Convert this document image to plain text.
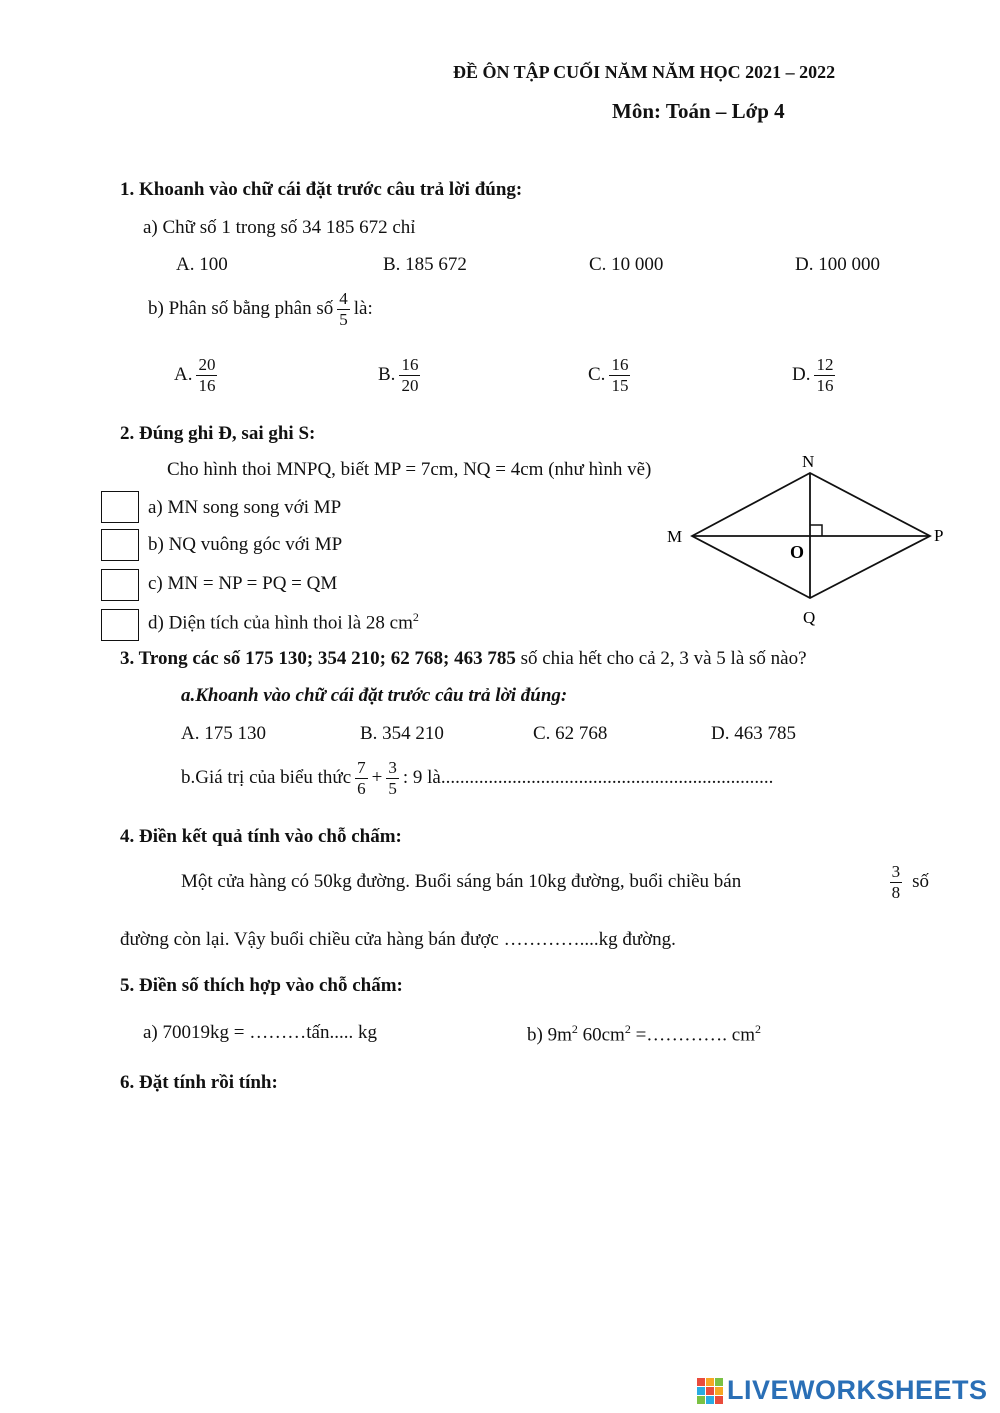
ĐỀ ÔN TẬP CUỐI NĂM NĂM HỌC 2021 – 2022
Môn: Toán – Lớp 4
1. Khoanh vào chữ cái đặt trước câu trả lời đúng:
a) Chữ số 1 trong số 34 185 672 chỉ
A. 100	B. 185 672	C. 10 000	D. 100 000
b) Phân số bằng phân số $\frac{4}{5}$ là:
A. $\frac{20}{16}$	B. $\frac{16}{20}$	C. $\frac{16}{15}$	D. $\frac{12}{16}$
2. Đúng ghi Đ, sai ghi S:
Cho hình thoi MNPQ, biết MP = 7cm, NQ = 4cm (như hình vẽ)
a) MN song song với MP
b) NQ vuông góc với MP
c) MN = NP = PQ = QM
d) Diện tích của hình thoi là 28 $cm^2$
N
M	P
Q
O
3. Trong các số 175 130; 354 210; 62 768; 463 785 số chia hết cho cả 2, 3 và 5 là số nào?
a.Khoanh vào chữ cái đặt trước câu trả lời đúng:
A. 175 130	B. 354 210	C. 62 768	D. 463 785
b.Giá trị của biểu thức $\frac{7}{6} + \frac{3}{5}$ : 9 là......................................................................
4. Điền kết quả tính vào chỗ chấm:
Một cửa hàng có 50kg đường. Buổi sáng bán 10kg đường, buổi chiều bán	$\frac{3}{8}$ số
đường còn lại. Vậy buổi chiều cửa hàng bán được …………....kg đường.
5. Điền số thích hợp vào chỗ chấm:
a) 70019kg = ………tấn..... kg	b) $9m^2$ $60cm^2$ =…………. $cm^2$
6. Đặt tính rồi tính:
LIVEWORKSHEETS
